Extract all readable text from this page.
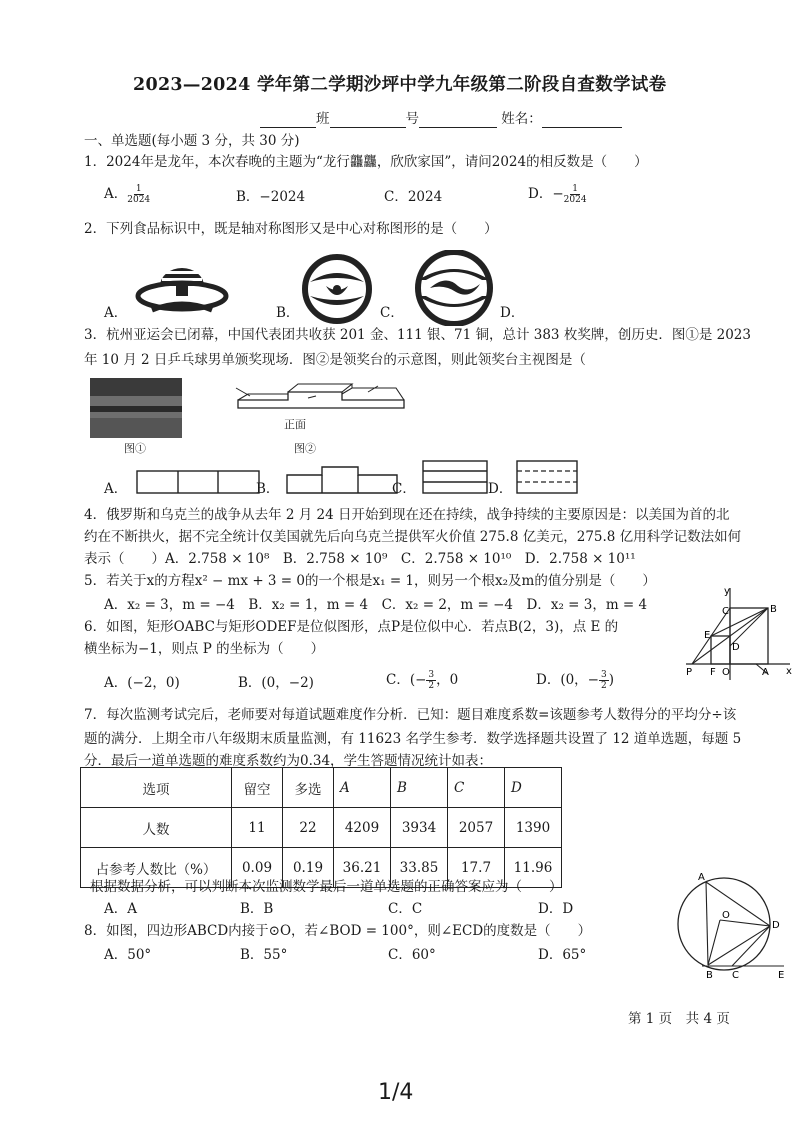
2023—2024 学年第二学期沙坪中学九年级第二阶段自查数学试卷
班	号	姓名：
一、单选题(每小题 3 分，共 30 分)
1．2024年是龙年，本次春晚的主题为“龙行龘龘，欣欣家国”，请问2024的相反数是（　　）
A． $\frac{1}{2024}$	B．−2024	C．2024	D．− $\frac{1}{2024}$
2．下列食品标识中，既是轴对称图形又是中心对称图形的是（　　）
A．	B．	C．	D．
3．杭州亚运会已闭幕，中国代表团共收获 201 金、111 银、71 铜，总计 383 枚奖牌，创历史．图①是 2023
年 10 月 2 日乒乓球男单颁奖现场．图②是领奖台的示意图，则此领奖台主视图是（
图①
正面
图②
A．	B．	C．	D．
4．俄罗斯和乌克兰的战争从去年 2 月 24 日开始到现在还在持续，战争持续的主要原因是：以美国为首的北
约在不断拱火，据不完全统计仅美国就先后向乌克兰提供军火价值 275.8 亿美元，275.8 亿用科学记数法如何
表示（　　）A．2.758 × 10⁸　B．2.758 × 10⁹　C．2.758 × 10¹⁰　D．2.758 × 10¹¹
5．若关于x的方程x² − mx + 3 = 0的一个根是x₁ = 1，则另一个根x₂及m的值分别是（　　）
A．x₂ = 3，m = −4　B．x₂ = 1，m = 4　C．x₂ = 2，m = −4　D．x₂ = 3，m = 4
6．如图，矩形OABC与矩形ODEF是位似图形，点P是位似中心．若点B(2，3)，点 E 的
横坐标为−1，则点 P 的坐标为（　　）
A．(−2，0)	B．(0，−2)	C．(− $\frac{3}{2}$ ，0	D．(0，− $\frac{3}{2}$ )
y
x
C	B
E
D
F
P	O	A
7．每次监测考试完后，老师要对每道试题难度作分析．已知：题目难度系数=该题参考人数得分的平均分÷该
题的满分．上期全市八年级期末质量监测，有 11623 名学生参考．数学选择题共设置了 12 道单选题，每题 5
分．最后一道单选题的难度系数约为0.34，学生答题情况统计如表：
选项	留空	多选	A	B	C	D
人数	11	22	4209	3934	2057	1390
占参考人数比（%）	0.09	0.19	36.21	33.85	17.7	11.96
根据数据分析，可以判断本次监测数学最后一道单选题的正确答案应为（　　）
A．A	B．B	C．C	D．D
8．如图，四边形ABCD内接于⊙O，若∠BOD = 100°，则∠ECD的度数是（　　）
A．50°	B．55°	C．60°	D．65°
A
O
D
B C	E
第 1 页　共 4 页
1/4
